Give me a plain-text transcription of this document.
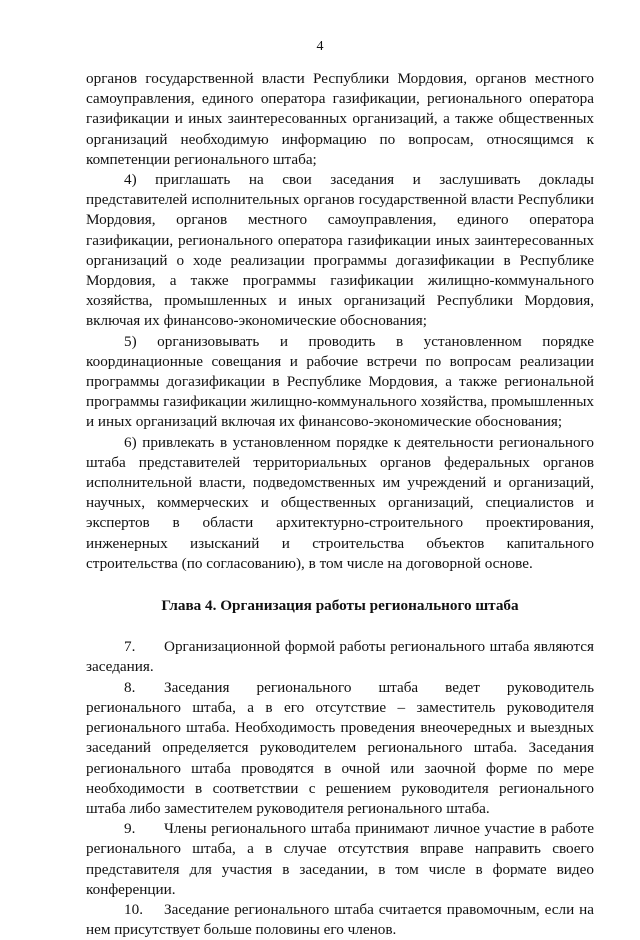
4

органов государственной власти Республики Мордовия, органов местного самоуправления, единого оператора газификации, регионального оператора газификации и иных заинтересованных организаций, а также общественных организаций необходимую информацию по вопросам, относящимся к компетенции регионального штаба;

4) приглашать на свои заседания и заслушивать доклады представителей исполнительных органов государственной власти Республики Мордовия, органов местного самоуправления, единого оператора газификации, регионального оператора газификации иных заинтересованных организаций о ходе реализации программы догазификации в Республике Мордовия, а также программы газификации жилищно-коммунального хозяйства, промышленных и иных организаций Республики Мордовия, включая их финансово-экономические обоснования;

5) организовывать и проводить в установленном порядке координационные совещания и рабочие встречи по вопросам реализации программы догазификации в Республике Мордовия, а также региональной программы газификации жилищно-коммунального хозяйства, промышленных и иных организаций включая их финансово-экономические обоснования;

6) привлекать в установленном порядке к деятельности регионального штаба представителей территориальных органов федеральных органов исполнительной власти, подведомственных им учреждений и организаций, научных, коммерческих и общественных организаций, специалистов и экспертов в области архитектурно-строительного проектирования, инженерных изысканий и строительства объектов капитального строительства (по согласованию), в том числе на договорной основе.

Глава 4. Организация работы регионального штаба

7. Организационной формой работы регионального штаба являются заседания.

8. Заседания регионального штаба ведет руководитель регионального штаба, а в его отсутствие – заместитель руководителя регионального штаба. Необходимость проведения внеочередных и выездных заседаний определяется руководителем регионального штаба. Заседания регионального штаба проводятся в очной или заочной форме по мере необходимости в соответствии с решением руководителя регионального штаба либо заместителем руководителя регионального штаба.

9. Члены регионального штаба принимают личное участие в работе регионального штаба, а в случае отсутствия вправе направить своего представителя для участия в заседании, в том числе в формате видео конференции.

10. Заседание регионального штаба считается правомочным, если на нем присутствует больше половины его членов.
